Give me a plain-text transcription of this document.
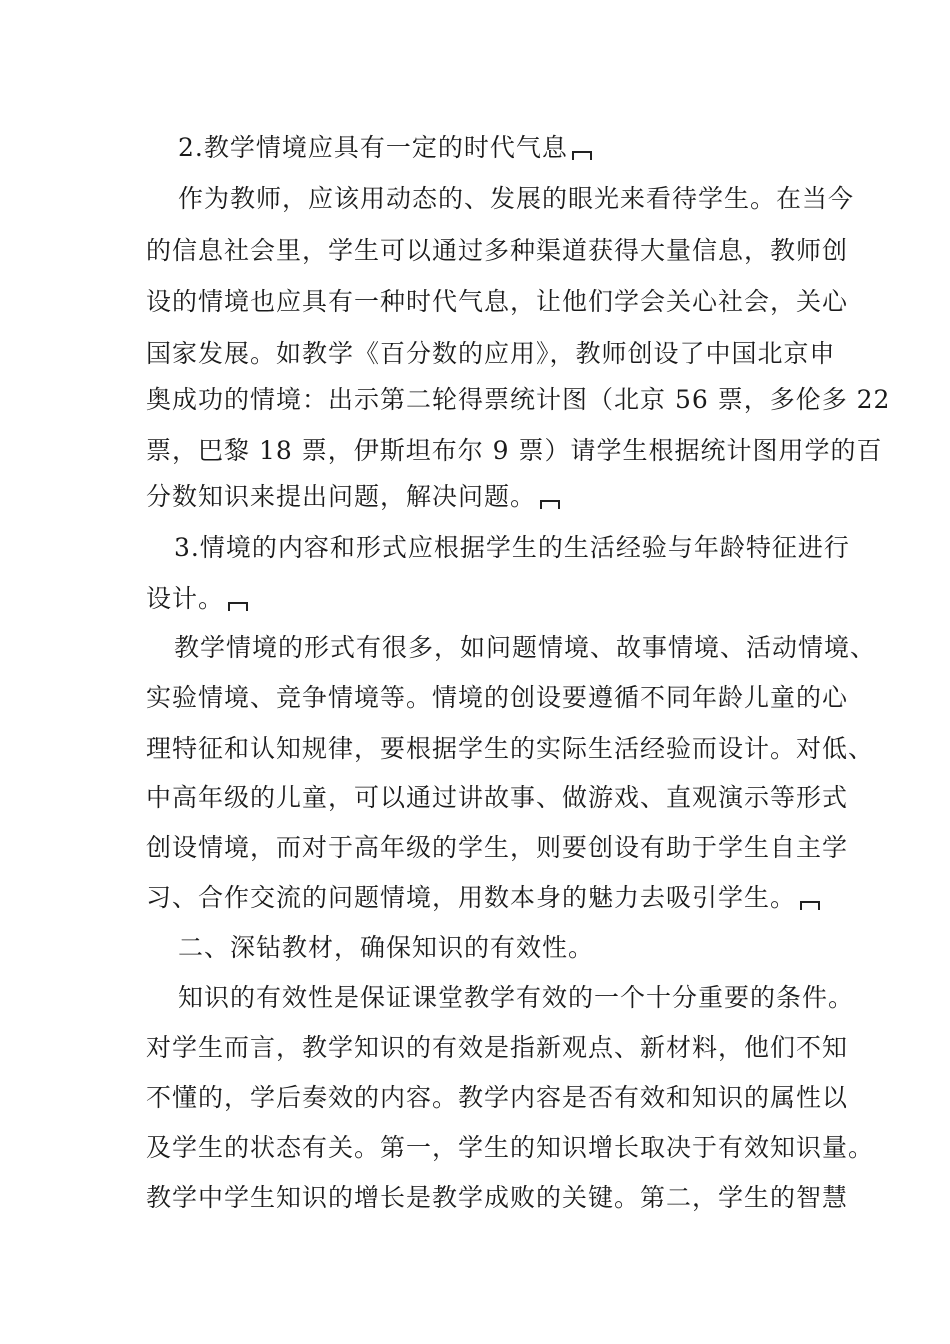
2.教学情境应具有一定的时代气息
作为教师，应该用动态的、发展的眼光来看待学生。在当今
的信息社会里，学生可以通过多种渠道获得大量信息，教师创
设的情境也应具有一种时代气息，让他们学会关心社会，关心
国家发展。如教学《百分数的应用》，教师创设了中国北京申
奥成功的情境：出示第二轮得票统计图（北京 56 票，多伦多 22
票，巴黎 18 票，伊斯坦布尔 9 票）请学生根据统计图用学的百
分数知识来提出问题，解决问题。
3.情境的内容和形式应根据学生的生活经验与年龄特征进行
设计。
教学情境的形式有很多，如问题情境、故事情境、活动情境、
实验情境、竞争情境等。情境的创设要遵循不同年龄儿童的心
理特征和认知规律，要根据学生的实际生活经验而设计。对低、
中高年级的儿童，可以通过讲故事、做游戏、直观演示等形式
创设情境，而对于高年级的学生，则要创设有助于学生自主学
习、合作交流的问题情境，用数本身的魅力去吸引学生。
二、深钻教材，确保知识的有效性。
知识的有效性是保证课堂教学有效的一个十分重要的条件。
对学生而言，教学知识的有效是指新观点、新材料，他们不知
不懂的，学后奏效的内容。教学内容是否有效和知识的属性以
及学生的状态有关。第一，学生的知识增长取决于有效知识量。
教学中学生知识的增长是教学成败的关键。第二，学生的智慧
